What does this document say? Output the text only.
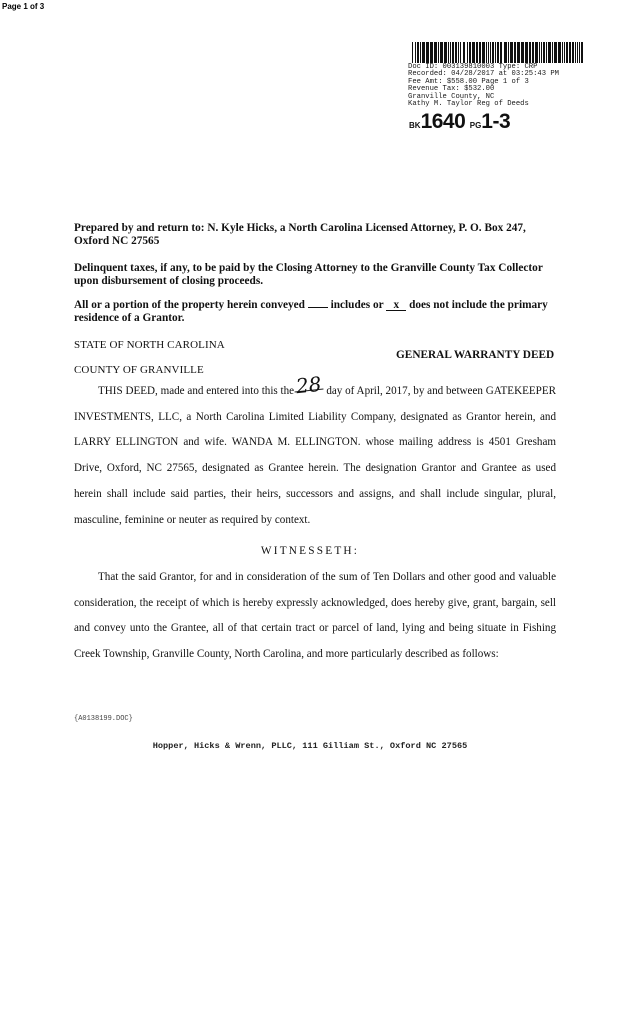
Page 1 of 3
Doc ID: 003139810003 Type: CRP
Recorded: 04/28/2017 at 03:25:43 PM
Fee Amt: $558.00 Page 1 of 3
Revenue Tax: $532.00
Granville County, NC
Kathy M. Taylor Reg of Deeds
BK1640 PG1-3
Prepared by and return to: N. Kyle Hicks, a North Carolina Licensed Attorney, P. O. Box 247, Oxford NC 27565
Delinquent taxes, if any, to be paid by the Closing Attorney to the Granville County Tax Collector upon disbursement of closing proceeds.
All or a portion of the property herein conveyed includes or x does not include the primary residence of a Grantor.
STATE OF NORTH CAROLINA
GENERAL WARRANTY DEED
COUNTY OF GRANVILLE
THIS DEED, made and entered into this the28 day of April, 2017, by and between GATEKEEPER INVESTMENTS, LLC, a North Carolina Limited Liability Company, designated as Grantor herein, and LARRY ELLINGTON and wife. WANDA M. ELLINGTON. whose mailing address is 4501 Gresham Drive, Oxford, NC 27565, designated as Grantee herein. The designation Grantor and Grantee as used herein shall include said parties, their heirs, successors and assigns, and shall include singular, plural, masculine, feminine or neuter as required by context.
WITNESSETH:
That the said Grantor, for and in consideration of the sum of Ten Dollars and other good and valuable consideration, the receipt of which is hereby expressly acknowledged, does hereby give, grant, bargain, sell and convey unto the Grantee, all of that certain tract or parcel of land, lying and being situate in Fishing Creek Township, Granville County, North Carolina, and more particularly described as follows:
{A0138199.DOC}
Hopper, Hicks & Wrenn, PLLC, 111 Gilliam St., Oxford NC 27565
